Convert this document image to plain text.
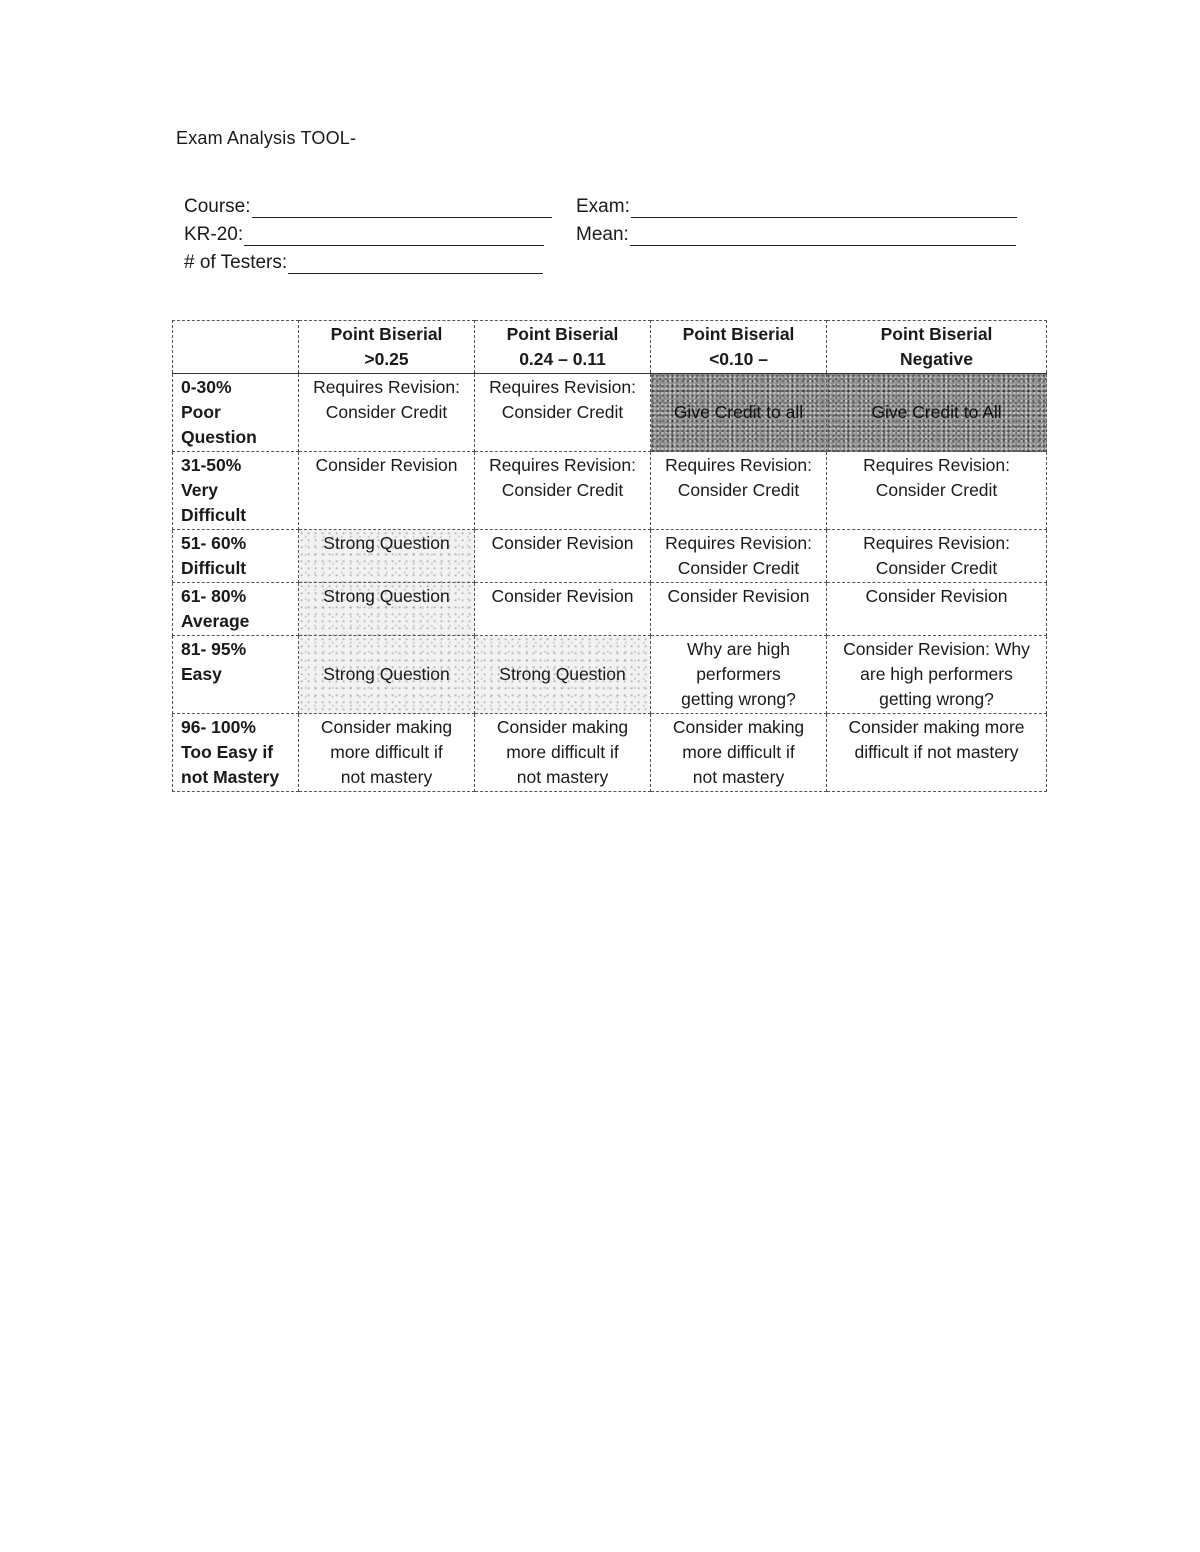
Exam Analysis TOOL-
Course:
KR-20:
# of Testers:
Exam:
Mean:

	Point Biserial
>0.25	Point Biserial
0.24 – 0.11	Point Biserial
<0.10 –	Point Biserial
Negative

0-30%
Poor
Question	Requires Revision:
Consider Credit	Requires Revision:
Consider Credit	Give Credit to all	Give Credit to All

31-50%
Very
Difficult	Consider Revision	Requires Revision:
Consider Credit	Requires Revision:
Consider Credit	Requires Revision:
Consider Credit

51- 60%
Difficult	Strong Question	Consider Revision	Requires Revision:
Consider Credit	Requires Revision:
Consider Credit

61- 80%
Average	Strong Question	Consider Revision	Consider Revision	Consider Revision

81- 95%
Easy	Strong Question	Strong Question	Why are high
performers
getting wrong?	Consider Revision: Why
are high performers
getting wrong?

96- 100%
Too Easy if
not Mastery	Consider making
more difficult if
not mastery	Consider making
more difficult if
not mastery	Consider making
more difficult if
not mastery	Consider making more
difficult if not mastery
